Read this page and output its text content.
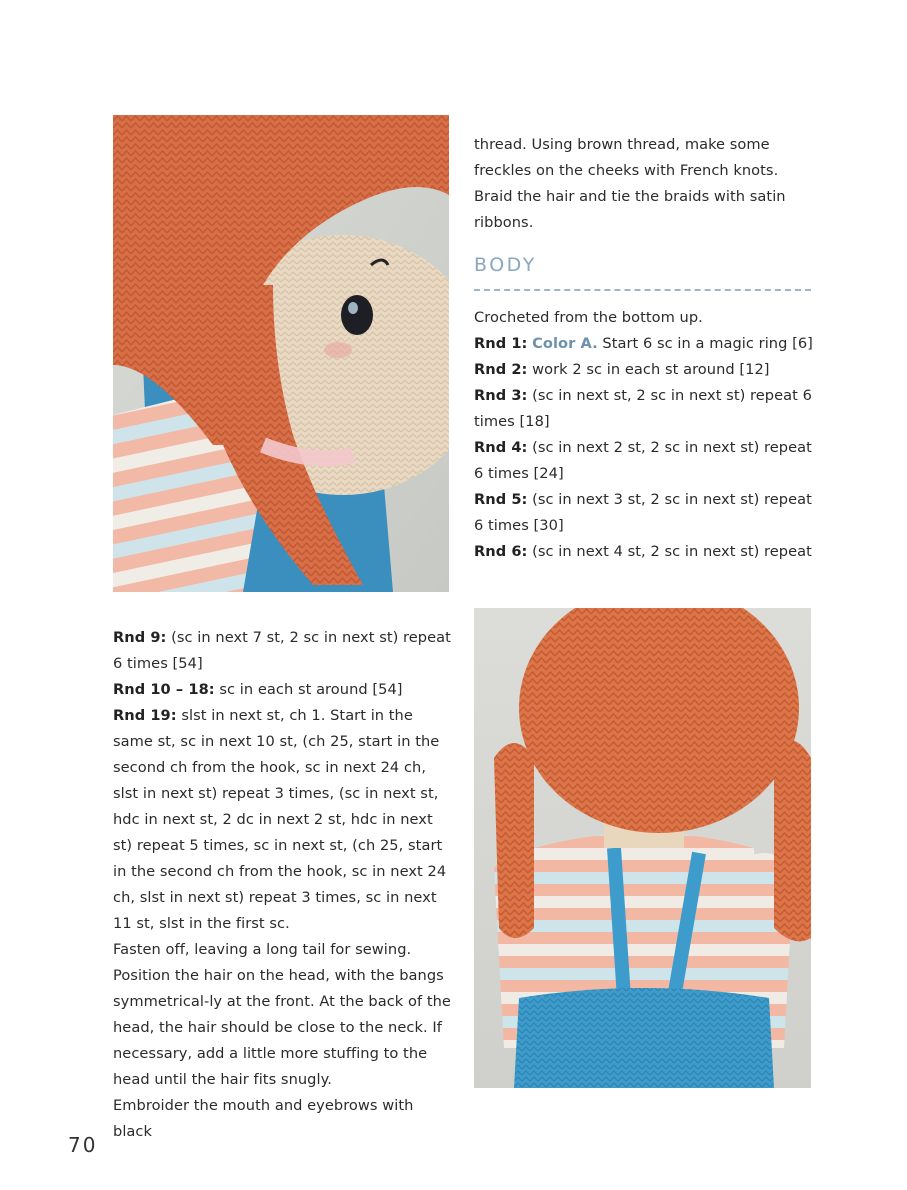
thread. Using brown thread, make some freckles on the cheeks with French knots.

Braid the hair and tie the braids with satin ribbons.

BODY

Crocheted from the bottom up.

Rnd 1: Color A. Start 6 sc in a magic ring [6]

Rnd 2: work 2 sc in each st around [12]

Rnd 3: (sc in next st, 2 sc in next st) repeat 6 times [18]

Rnd 4: (sc in next 2 st, 2 sc in next st) repeat 6 times [24]

Rnd 5: (sc in next 3 st, 2 sc in next st) repeat 6 times [30]

Rnd 6: (sc in next 4 st, 2 sc in next st) repeat

Rnd 9: (sc in next 7 st, 2 sc in next st) repeat 6 times [54]

Rnd 10 – 18: sc in each st around [54]

Rnd 19: slst in next st, ch 1. Start in the same st, sc in next 10 st, (ch 25, start in the second ch from the hook, sc in next 24 ch, slst in next st) repeat 3 times, (sc in next st, hdc in next st, 2 dc in next 2 st, hdc in next st) repeat 5 times, sc in next st, (ch 25, start in the second ch from the hook, sc in next 24 ch, slst in next st) repeat 3 times, sc in next 11 st, slst in the first sc.

Fasten off, leaving a long tail for sewing. Position the hair on the head, with the bangs symmetrical-ly at the front. At the back of the head, the hair should be close to the neck. If necessary, add a little more stuffing to the head until the hair fits snugly.

Embroider the mouth and eyebrows with black

70
